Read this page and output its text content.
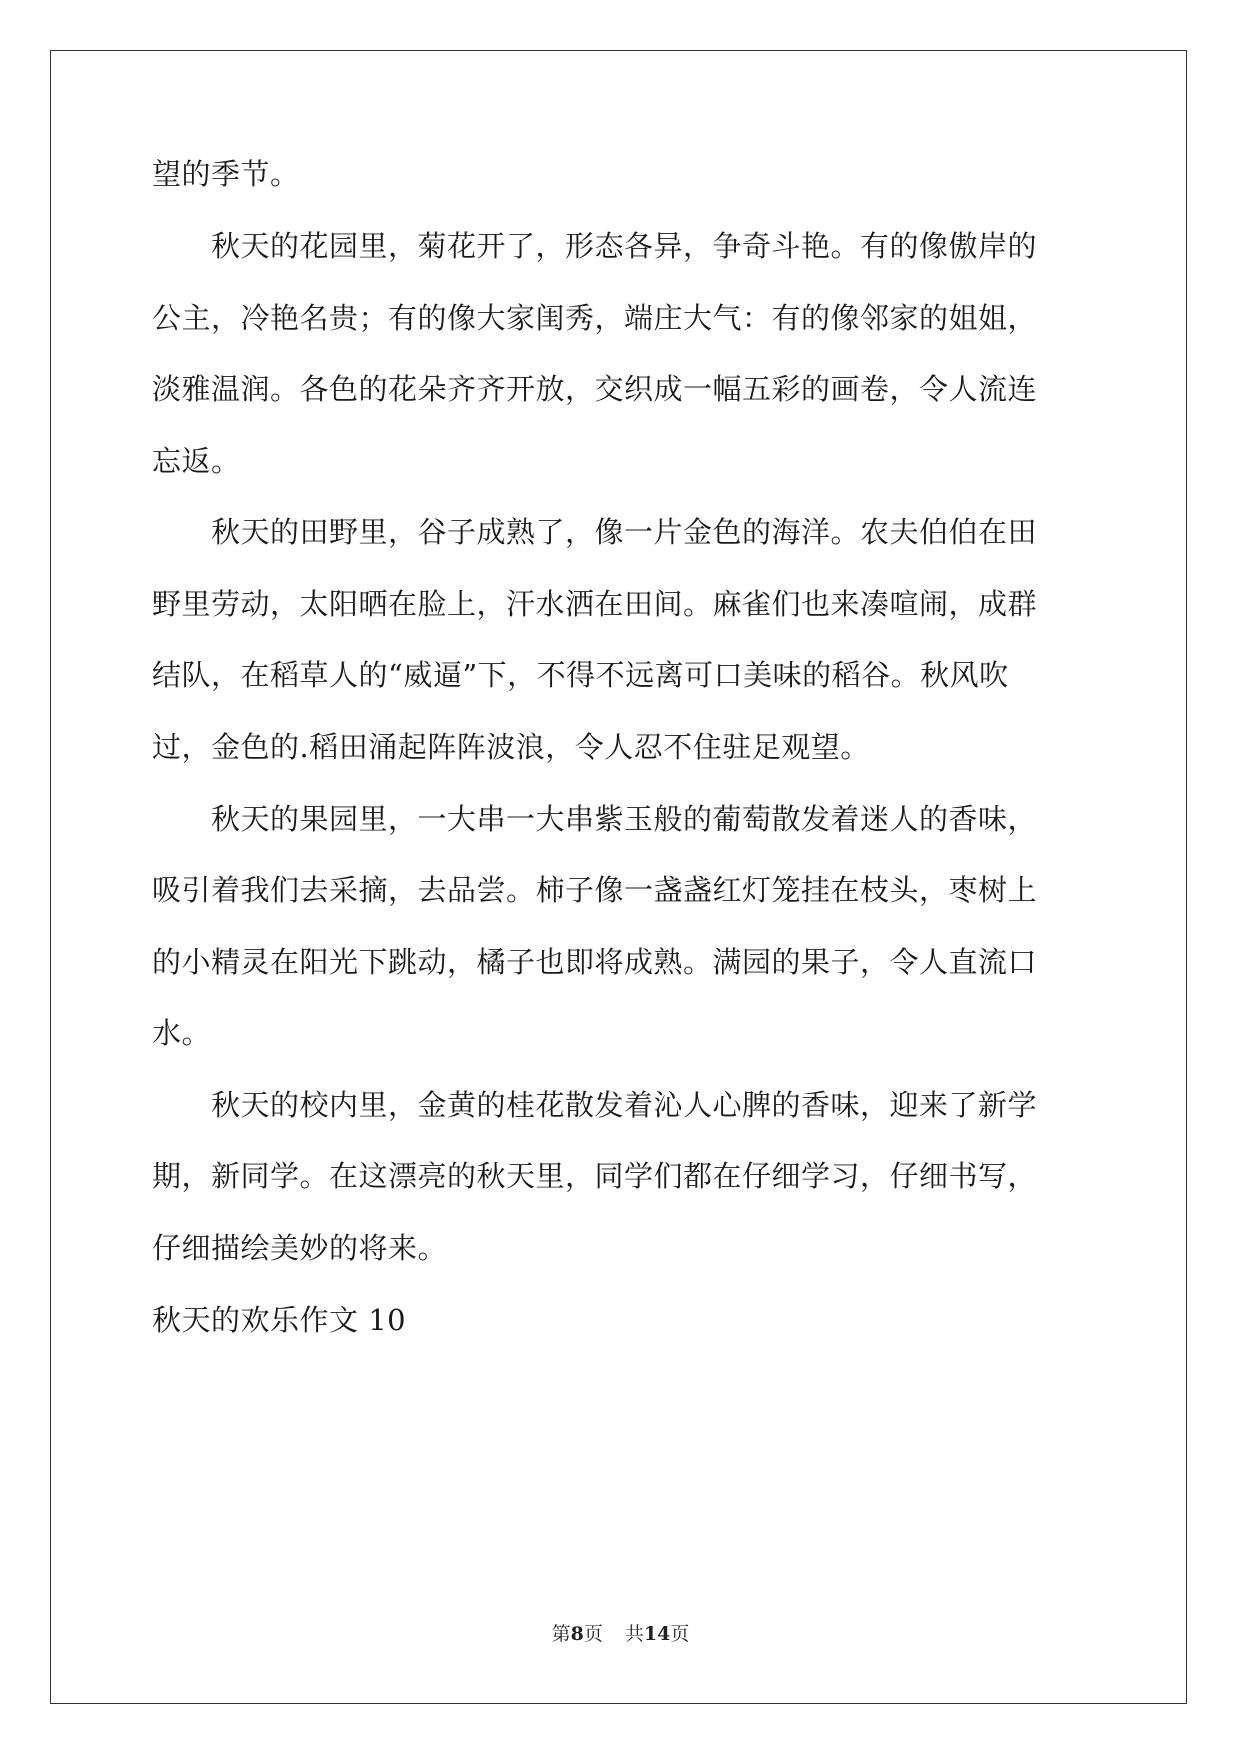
望的季节。
　　秋天的花园里，菊花开了，形态各异，争奇斗艳。有的像傲岸的
公主，冷艳名贵；有的像大家闺秀，端庄大气：有的像邻家的姐姐，
淡雅温润。各色的花朵齐齐开放，交织成一幅五彩的画卷，令人流连
忘返。
　　秋天的田野里，谷子成熟了，像一片金色的海洋。农夫伯伯在田
野里劳动，太阳晒在脸上，汗水洒在田间。麻雀们也来凑喧闹，成群
结队，在稻草人的“威逼”下，不得不远离可口美味的稻谷。秋风吹
过，金色的.稻田涌起阵阵波浪，令人忍不住驻足观望。
　　秋天的果园里，一大串一大串紫玉般的葡萄散发着迷人的香味，
吸引着我们去采摘，去品尝。柿子像一盏盏红灯笼挂在枝头，枣树上
的小精灵在阳光下跳动，橘子也即将成熟。满园的果子，令人直流口
水。
　　秋天的校内里，金黄的桂花散发着沁人心脾的香味，迎来了新学
期，新同学。在这漂亮的秋天里，同学们都在仔细学习，仔细书写，
仔细描绘美妙的将来。
秋天的欢乐作文 10
第8页 共14页
